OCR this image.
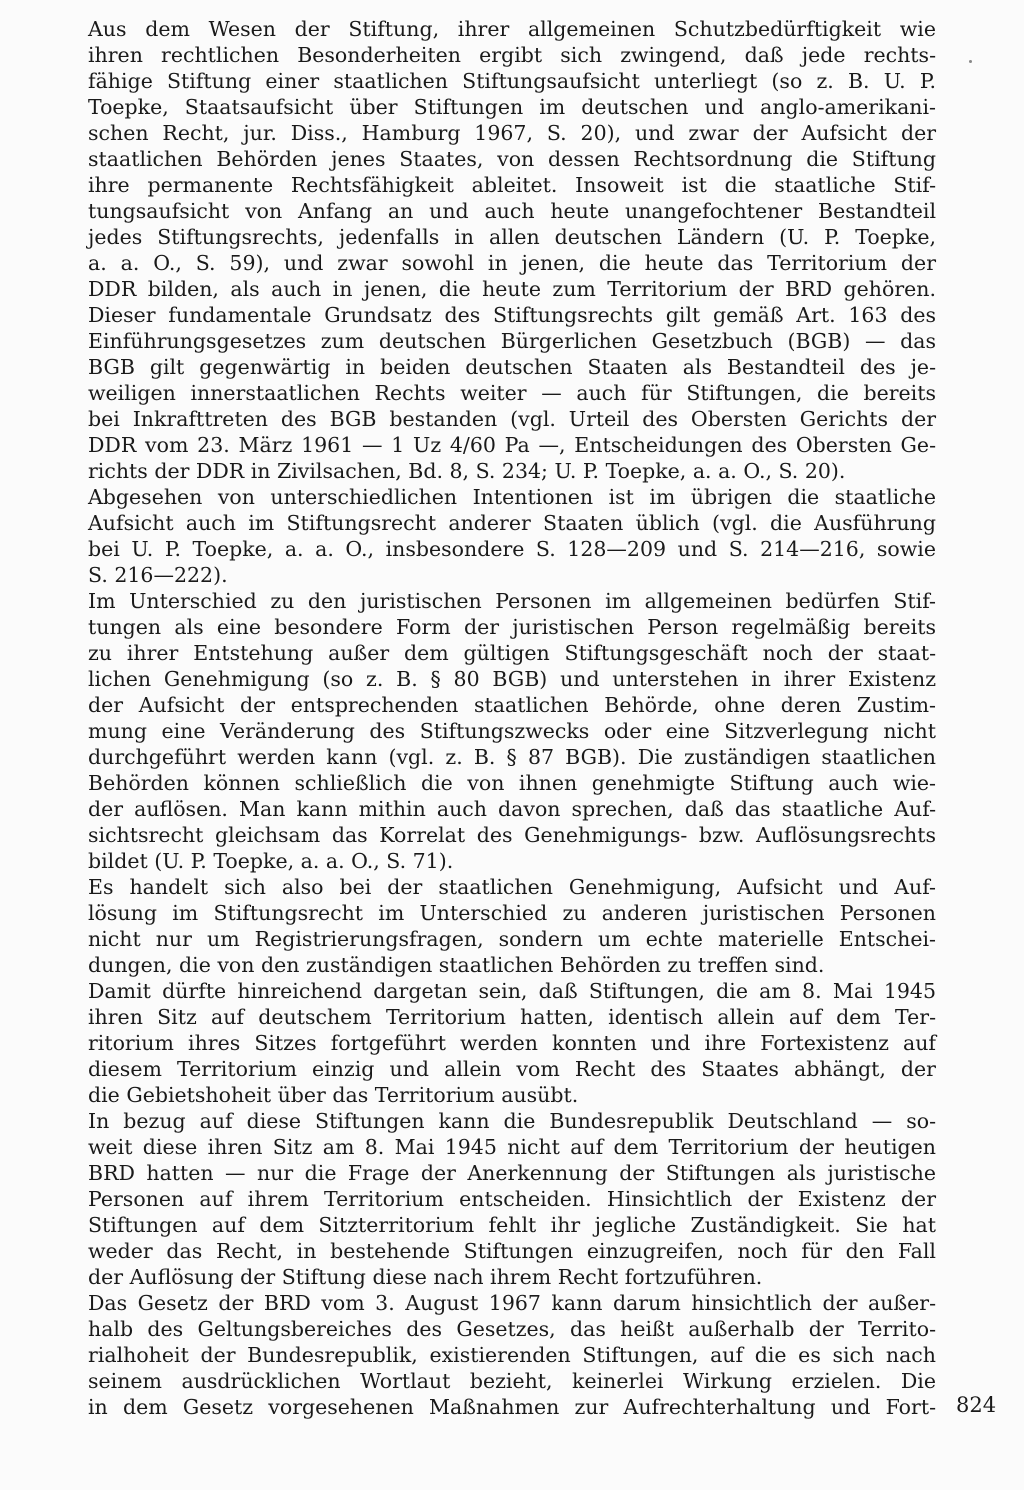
Aus dem Wesen der Stiftung, ihrer allgemeinen Schutzbedürftigkeit wie
ihren rechtlichen Besonderheiten ergibt sich zwingend, daß jede rechts-
fähige Stiftung einer staatlichen Stiftungsaufsicht unterliegt (so z. B. U. P.
Toepke, Staatsaufsicht über Stiftungen im deutschen und anglo-amerikani-
schen Recht, jur. Diss., Hamburg 1967, S. 20), und zwar der Aufsicht der
staatlichen Behörden jenes Staates, von dessen Rechtsordnung die Stiftung
ihre permanente Rechtsfähigkeit ableitet. Insoweit ist die staatliche Stif-
tungsaufsicht von Anfang an und auch heute unangefochtener Bestandteil
jedes Stiftungsrechts, jedenfalls in allen deutschen Ländern (U. P. Toepke,
a. a. O., S. 59), und zwar sowohl in jenen, die heute das Territorium der
DDR bilden, als auch in jenen, die heute zum Territorium der BRD gehören.
Dieser fundamentale Grundsatz des Stiftungsrechts gilt gemäß Art. 163 des
Einführungsgesetzes zum deutschen Bürgerlichen Gesetzbuch (BGB) — das
BGB gilt gegenwärtig in beiden deutschen Staaten als Bestandteil des je-
weiligen innerstaatlichen Rechts weiter — auch für Stiftungen, die bereits
bei Inkrafttreten des BGB bestanden (vgl. Urteil des Obersten Gerichts der
DDR vom 23. März 1961 — 1 Uz 4/60 Pa —, Entscheidungen des Obersten Ge-
richts der DDR in Zivilsachen, Bd. 8, S. 234; U. P. Toepke, a. a. O., S. 20).
Abgesehen von unterschiedlichen Intentionen ist im übrigen die staatliche
Aufsicht auch im Stiftungsrecht anderer Staaten üblich (vgl. die Ausführung
bei U. P. Toepke, a. a. O., insbesondere S. 128—209 und S. 214—216, sowie
S. 216—222).
Im Unterschied zu den juristischen Personen im allgemeinen bedürfen Stif-
tungen als eine besondere Form der juristischen Person regelmäßig bereits
zu ihrer Entstehung außer dem gültigen Stiftungsgeschäft noch der staat-
lichen Genehmigung (so z. B. § 80 BGB) und unterstehen in ihrer Existenz
der Aufsicht der entsprechenden staatlichen Behörde, ohne deren Zustim-
mung eine Veränderung des Stiftungszwecks oder eine Sitzverlegung nicht
durchgeführt werden kann (vgl. z. B. § 87 BGB). Die zuständigen staatlichen
Behörden können schließlich die von ihnen genehmigte Stiftung auch wie-
der auflösen. Man kann mithin auch davon sprechen, daß das staatliche Auf-
sichtsrecht gleichsam das Korrelat des Genehmigungs- bzw. Auflösungsrechts
bildet (U. P. Toepke, a. a. O., S. 71).
Es handelt sich also bei der staatlichen Genehmigung, Aufsicht und Auf-
lösung im Stiftungsrecht im Unterschied zu anderen juristischen Personen
nicht nur um Registrierungsfragen, sondern um echte materielle Entschei-
dungen, die von den zuständigen staatlichen Behörden zu treffen sind.
Damit dürfte hinreichend dargetan sein, daß Stiftungen, die am 8. Mai 1945
ihren Sitz auf deutschem Territorium hatten, identisch allein auf dem Ter-
ritorium ihres Sitzes fortgeführt werden konnten und ihre Fortexistenz auf
diesem Territorium einzig und allein vom Recht des Staates abhängt, der
die Gebietshoheit über das Territorium ausübt.
In bezug auf diese Stiftungen kann die Bundesrepublik Deutschland — so-
weit diese ihren Sitz am 8. Mai 1945 nicht auf dem Territorium der heutigen
BRD hatten — nur die Frage der Anerkennung der Stiftungen als juristische
Personen auf ihrem Territorium entscheiden. Hinsichtlich der Existenz der
Stiftungen auf dem Sitzterritorium fehlt ihr jegliche Zuständigkeit. Sie hat
weder das Recht, in bestehende Stiftungen einzugreifen, noch für den Fall
der Auflösung der Stiftung diese nach ihrem Recht fortzuführen.
Das Gesetz der BRD vom 3. August 1967 kann darum hinsichtlich der außer-
halb des Geltungsbereiches des Gesetzes, das heißt außerhalb der Territo-
rialhoheit der Bundesrepublik, existierenden Stiftungen, auf die es sich nach
seinem ausdrücklichen Wortlaut bezieht, keinerlei Wirkung erzielen. Die
in dem Gesetz vorgesehenen Maßnahmen zur Aufrechterhaltung und Fort- 824
